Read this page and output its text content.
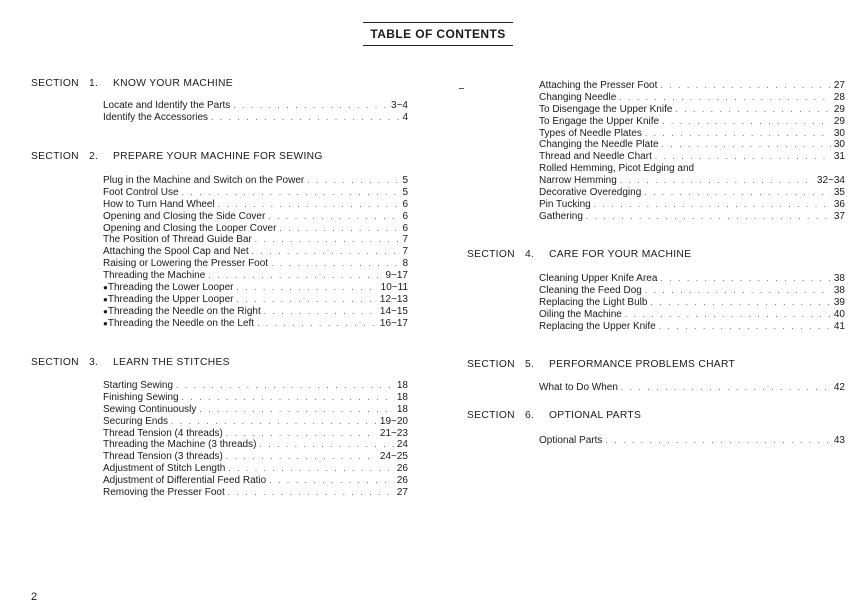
TABLE OF CONTENTS
SECTION 1. KNOW YOUR MACHINE
SECTION 2. PREPARE YOUR MACHINE FOR SEWING
SECTION 3. LEARN THE STITCHES
SECTION 4. CARE FOR YOUR MACHINE
SECTION 5. PERFORMANCE PROBLEMS CHART
SECTION 6. OPTIONAL PARTS
Locate and Identify the Parts . . .	3~4
Identify the Accessories . . .	4
Plug in the Machine and Switch on the Power . . .	5
Foot Control Use . . .	5
How to Turn Hand Wheel . . .	6
Opening and Closing the Side Cover . . .	6
Opening and Closing the Looper Cover . . .	6
The Position of Thread Guide Bar . . .	7
Attaching the Spool Cap and Net . . .	7
Raising or Lowering the Presser Foot . . .	8
Threading the Machine . . .	9~17
● Threading the Lower Looper . . .	10~11
● Threading the Upper Looper . . .	12~13
● Threading the Needle on the Right . . .	14~15
● Threading the Needle on the Left . . .	16~17
Starting Sewing . . .	18
Finishing Sewing . . .	18
Sewing Continuously . . .	18
Securing Ends . . .	19~20
Thread Tension (4 threads) . . .	21~23
Threading the Machine (3 threads) . . .	24
Thread Tension (3 threads) . . .	24~25
Adjustment of Stitch Length . . .	26
Adjustment of Differential Feed Ratio . . .	26
Removing the Presser Foot . . .	27
Attaching the Presser Foot . . .	27
Changing Needle . . .	28
To Disengage the Upper Knife . . .	29
To Engage the Upper Knife . . .	29
Types of Needle Plates . . .	30
Changing the Needle Plate . . .	30
Thread and Needle Chart . . .	31
Rolled Hemming, Picot Edging and
Narrow Hemming . . .	32~34
Decorative Overedging . . .	35
Pin Tucking . . .	36
Gathering . . .	37
Cleaning Upper Knife Area . . .	38
Cleaning the Feed Dog . . .	38
Replacing the Light Bulb . . .	39
Oiling the Machine . . .	40
Replacing the Upper Knife . . .	41
What to Do When . . .	42
Optional Parts . . .	43
2
